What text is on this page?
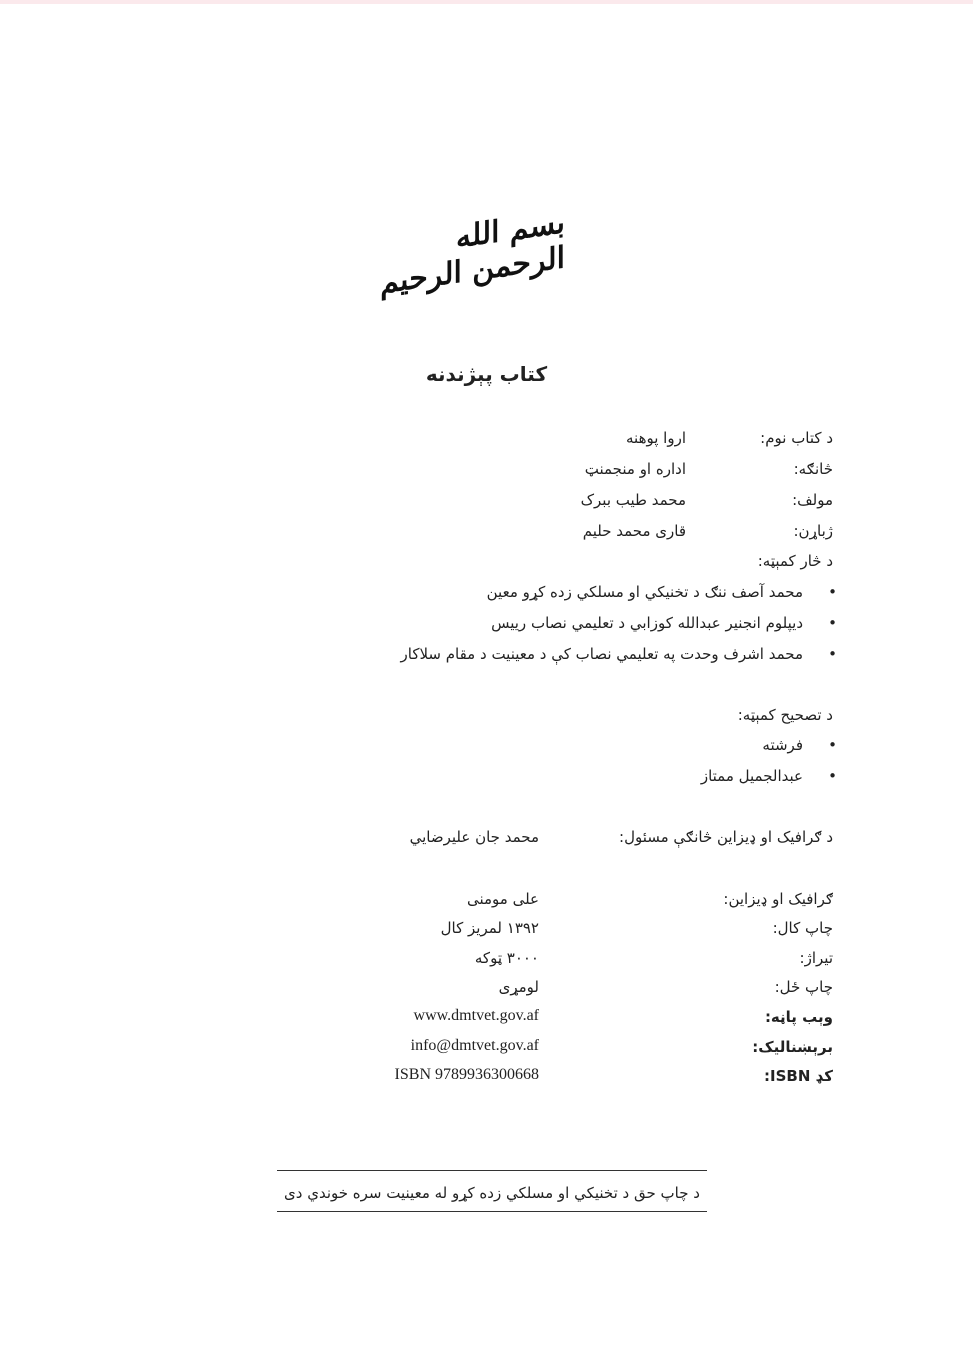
بسم الله الرحمن الرحيم
کتاب پېژندنه
د کتاب نوم:
اروا پوهنه
څانګه:
اداره او منجمنټ
مولف:
محمد طیب ببرک
ژباړن:
قاری محمد حلیم
د څار کمېټه:
محمد آصف ننګ د تخنیکي او مسلکي زده کړو معین •
دیپلوم انجنیر عبدالله کوزابي د تعلیمي نصاب رییس •
محمد اشرف وحدت په تعلیمي نصاب کې د معینیت د مقام سلاکار •
د تصحیح کمېټه:
فرشته •
عبدالجمیل ممتاز •
د ګرافیک او ډیزاین څانګې مسئول:
محمد جان علیرضایي
ګرافیک او ډیزاین:
علی مومنی
چاپ کال:
۱۳۹۲ لمریز کال
تیراژ:
۳۰۰۰ ټوکه
چاپ ځل:
لومړی
وېب پاڼه:
www.dmtvet.gov.af
برېښنالیک:
info@dmtvet.gov.af
کډ ISBN:
ISBN 9789936300668
د چاپ حق د تخنیکي او مسلکي زده کړو له معینیت سره خوندي دی
